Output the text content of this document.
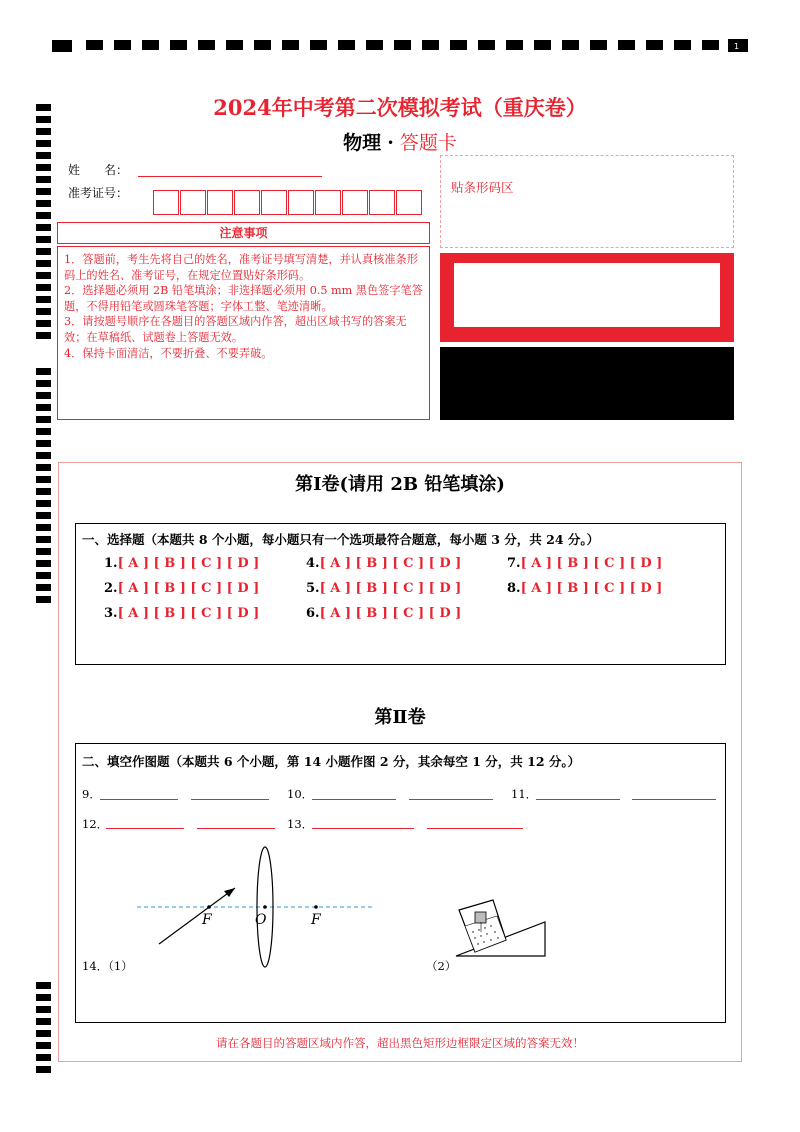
1
2024年中考第二次模拟考试（重庆卷）
物理 · 答题卡
姓　　名：
准考证号：	贴条形码区
注意事项

1．答题前，考生先将自己的姓名，准考证号填写清楚，并认真核准条形码上的姓名、准考证号，在规定位置贴好条形码。

2．选择题必须用 2B 铅笔填涂；非选择题必须用 0.5 mm 黑色签字笔答题，不得用铅笔或圆珠笔答题；字体工整、笔迹清晰。

3．请按题号顺序在各题目的答题区域内作答，超出区域书写的答案无效；在草稿纸、试题卷上答题无效。

4．保持卡面清洁，不要折叠、不要弄破。

第Ⅰ卷(请用 2B 铅笔填涂)
一、选择题（本题共 8 个小题，每小题只有一个选项最符合题意，每小题 3 分，共 24 分。）
1.[ A ] [ B ] [ C ] [ D ]
2.[ A ] [ B ] [ C ] [ D ]
3.[ A ] [ B ] [ C ] [ D ]
4.[ A ] [ B ] [ C ] [ D ]
5.[ A ] [ B ] [ C ] [ D ]
6.[ A ] [ B ] [ C ] [ D ]
7.[ A ] [ B ] [ C ] [ D ]
8.[ A ] [ B ] [ C ] [ D ]
第Ⅱ卷
二、填空作图题（本题共 6 个小题，第 14 小题作图 2 分，其余每空 1 分，共 12 分。）
9．	10．	11．
12．	13．
14．（1）	（2）
F	O	F
请在各题目的答题区域内作答，超出黑色矩形边框限定区域的答案无效！
